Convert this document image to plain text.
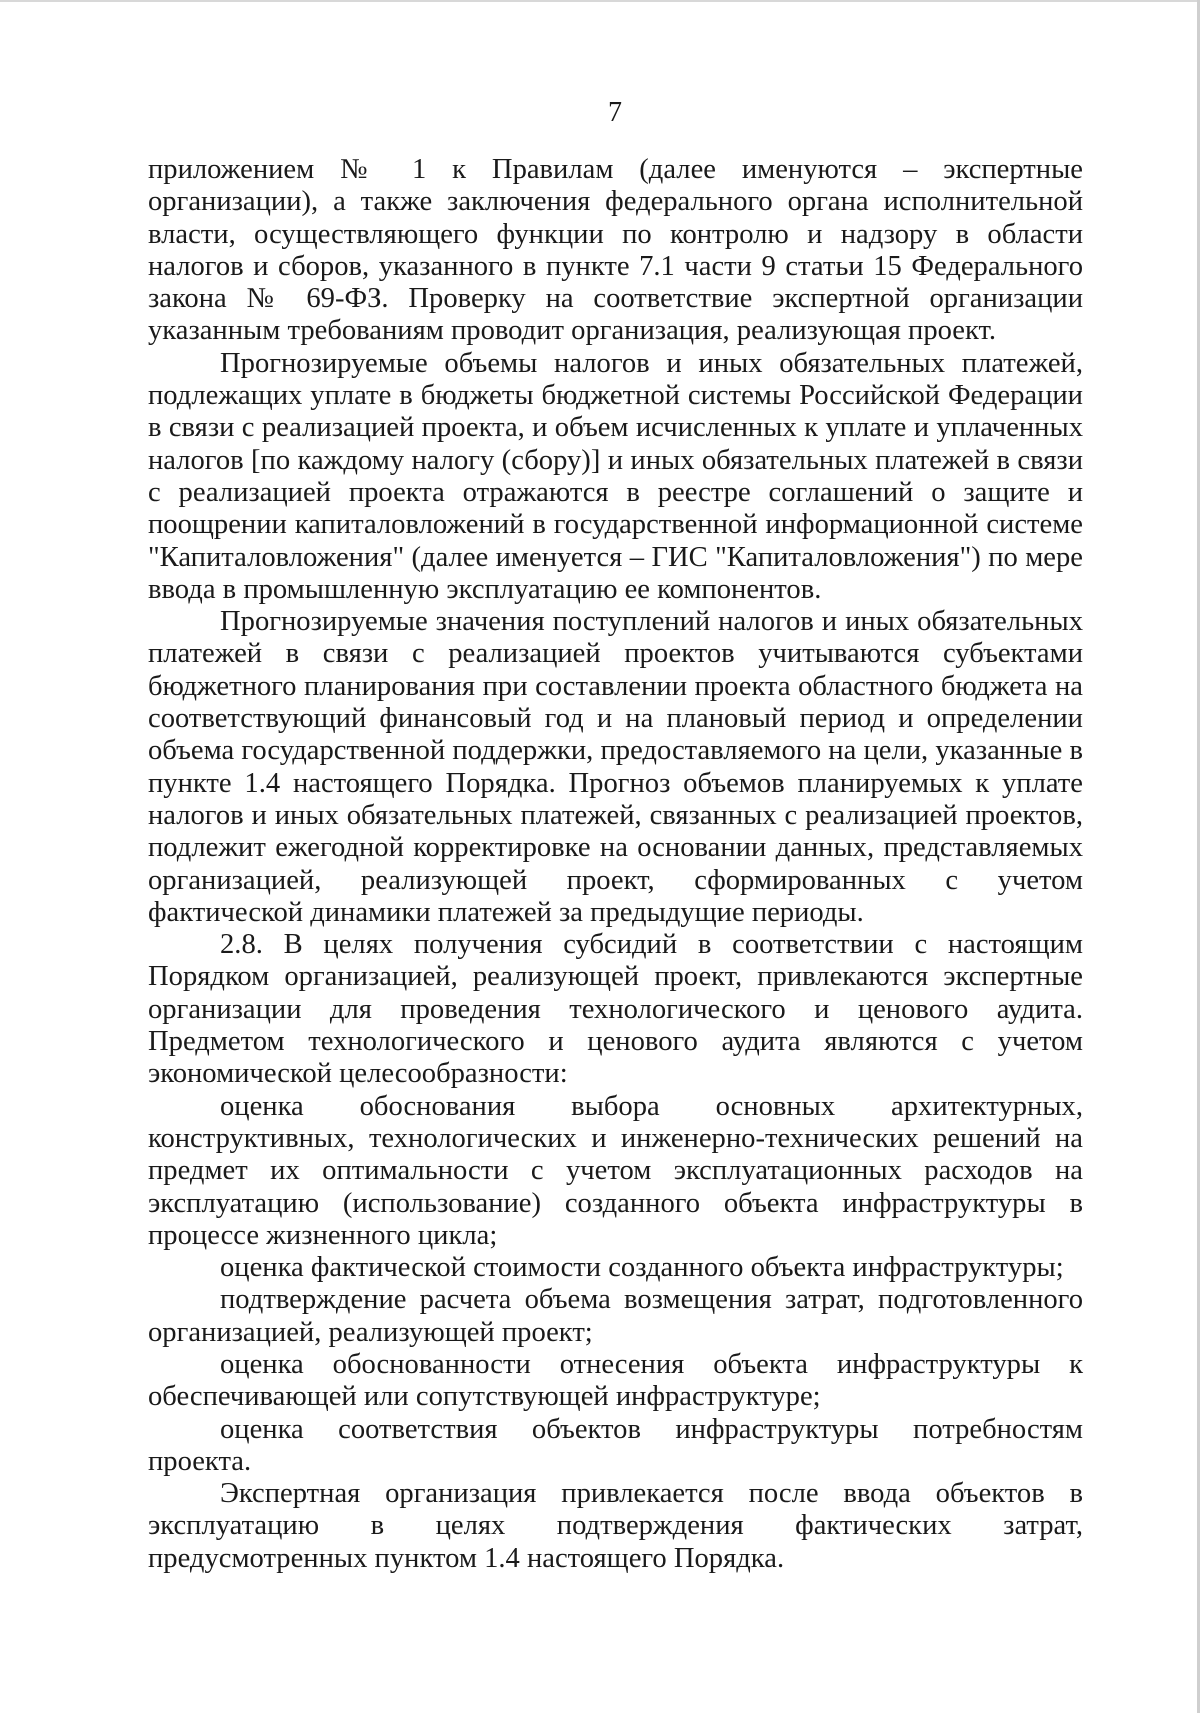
7

приложением № 1 к Правилам (далее именуются – экспертные организации), а также заключения федерального органа исполнительной власти, осуществляющего функции по контролю и надзору в области налогов и сборов, указанного в пункте 7.1 части 9 статьи 15 Федерального закона № 69-ФЗ. Проверку на соответствие экспертной организации указанным требованиям проводит организация, реализующая проект.

Прогнозируемые объемы налогов и иных обязательных платежей, подлежащих уплате в бюджеты бюджетной системы Российской Федерации в связи с реализацией проекта, и объем исчисленных к уплате и уплаченных налогов [по каждому налогу (сбору)] и иных обязательных платежей в связи с реализацией проекта отражаются в реестре соглашений о защите и поощрении капиталовложений в государственной информационной системе "Капиталовложения" (далее именуется – ГИС "Капиталовложения") по мере ввода в промышленную эксплуатацию ее компонентов.

Прогнозируемые значения поступлений налогов и иных обязательных платежей в связи с реализацией проектов учитываются субъектами бюджетного планирования при составлении проекта областного бюджета на соответствующий финансовый год и на плановый период и определении объема государственной поддержки, предоставляемого на цели, указанные в пункте 1.4 настоящего Порядка. Прогноз объемов планируемых к уплате налогов и иных обязательных платежей, связанных с реализацией проектов, подлежит ежегодной корректировке на основании данных, представляемых организацией, реализующей проект, сформированных с учетом фактической динамики платежей за предыдущие периоды.

2.8. В целях получения субсидий в соответствии с настоящим Порядком организацией, реализующей проект, привлекаются экспертные организации для проведения технологического и ценового аудита. Предметом технологического и ценового аудита являются с учетом экономической целесообразности:

оценка обоснования выбора основных архитектурных, конструктивных, технологических и инженерно-технических решений на предмет их оптимальности с учетом эксплуатационных расходов на эксплуатацию (использование) созданного объекта инфраструктуры в процессе жизненного цикла;

оценка фактической стоимости созданного объекта инфраструктуры;

подтверждение расчета объема возмещения затрат, подготовленного организацией, реализующей проект;

оценка обоснованности отнесения объекта инфраструктуры к обеспечивающей или сопутствующей инфраструктуре;

оценка соответствия объектов инфраструктуры потребностям проекта.

Экспертная организация привлекается после ввода объектов в эксплуатацию в целях подтверждения фактических затрат, предусмотренных пунктом 1.4 настоящего Порядка.
